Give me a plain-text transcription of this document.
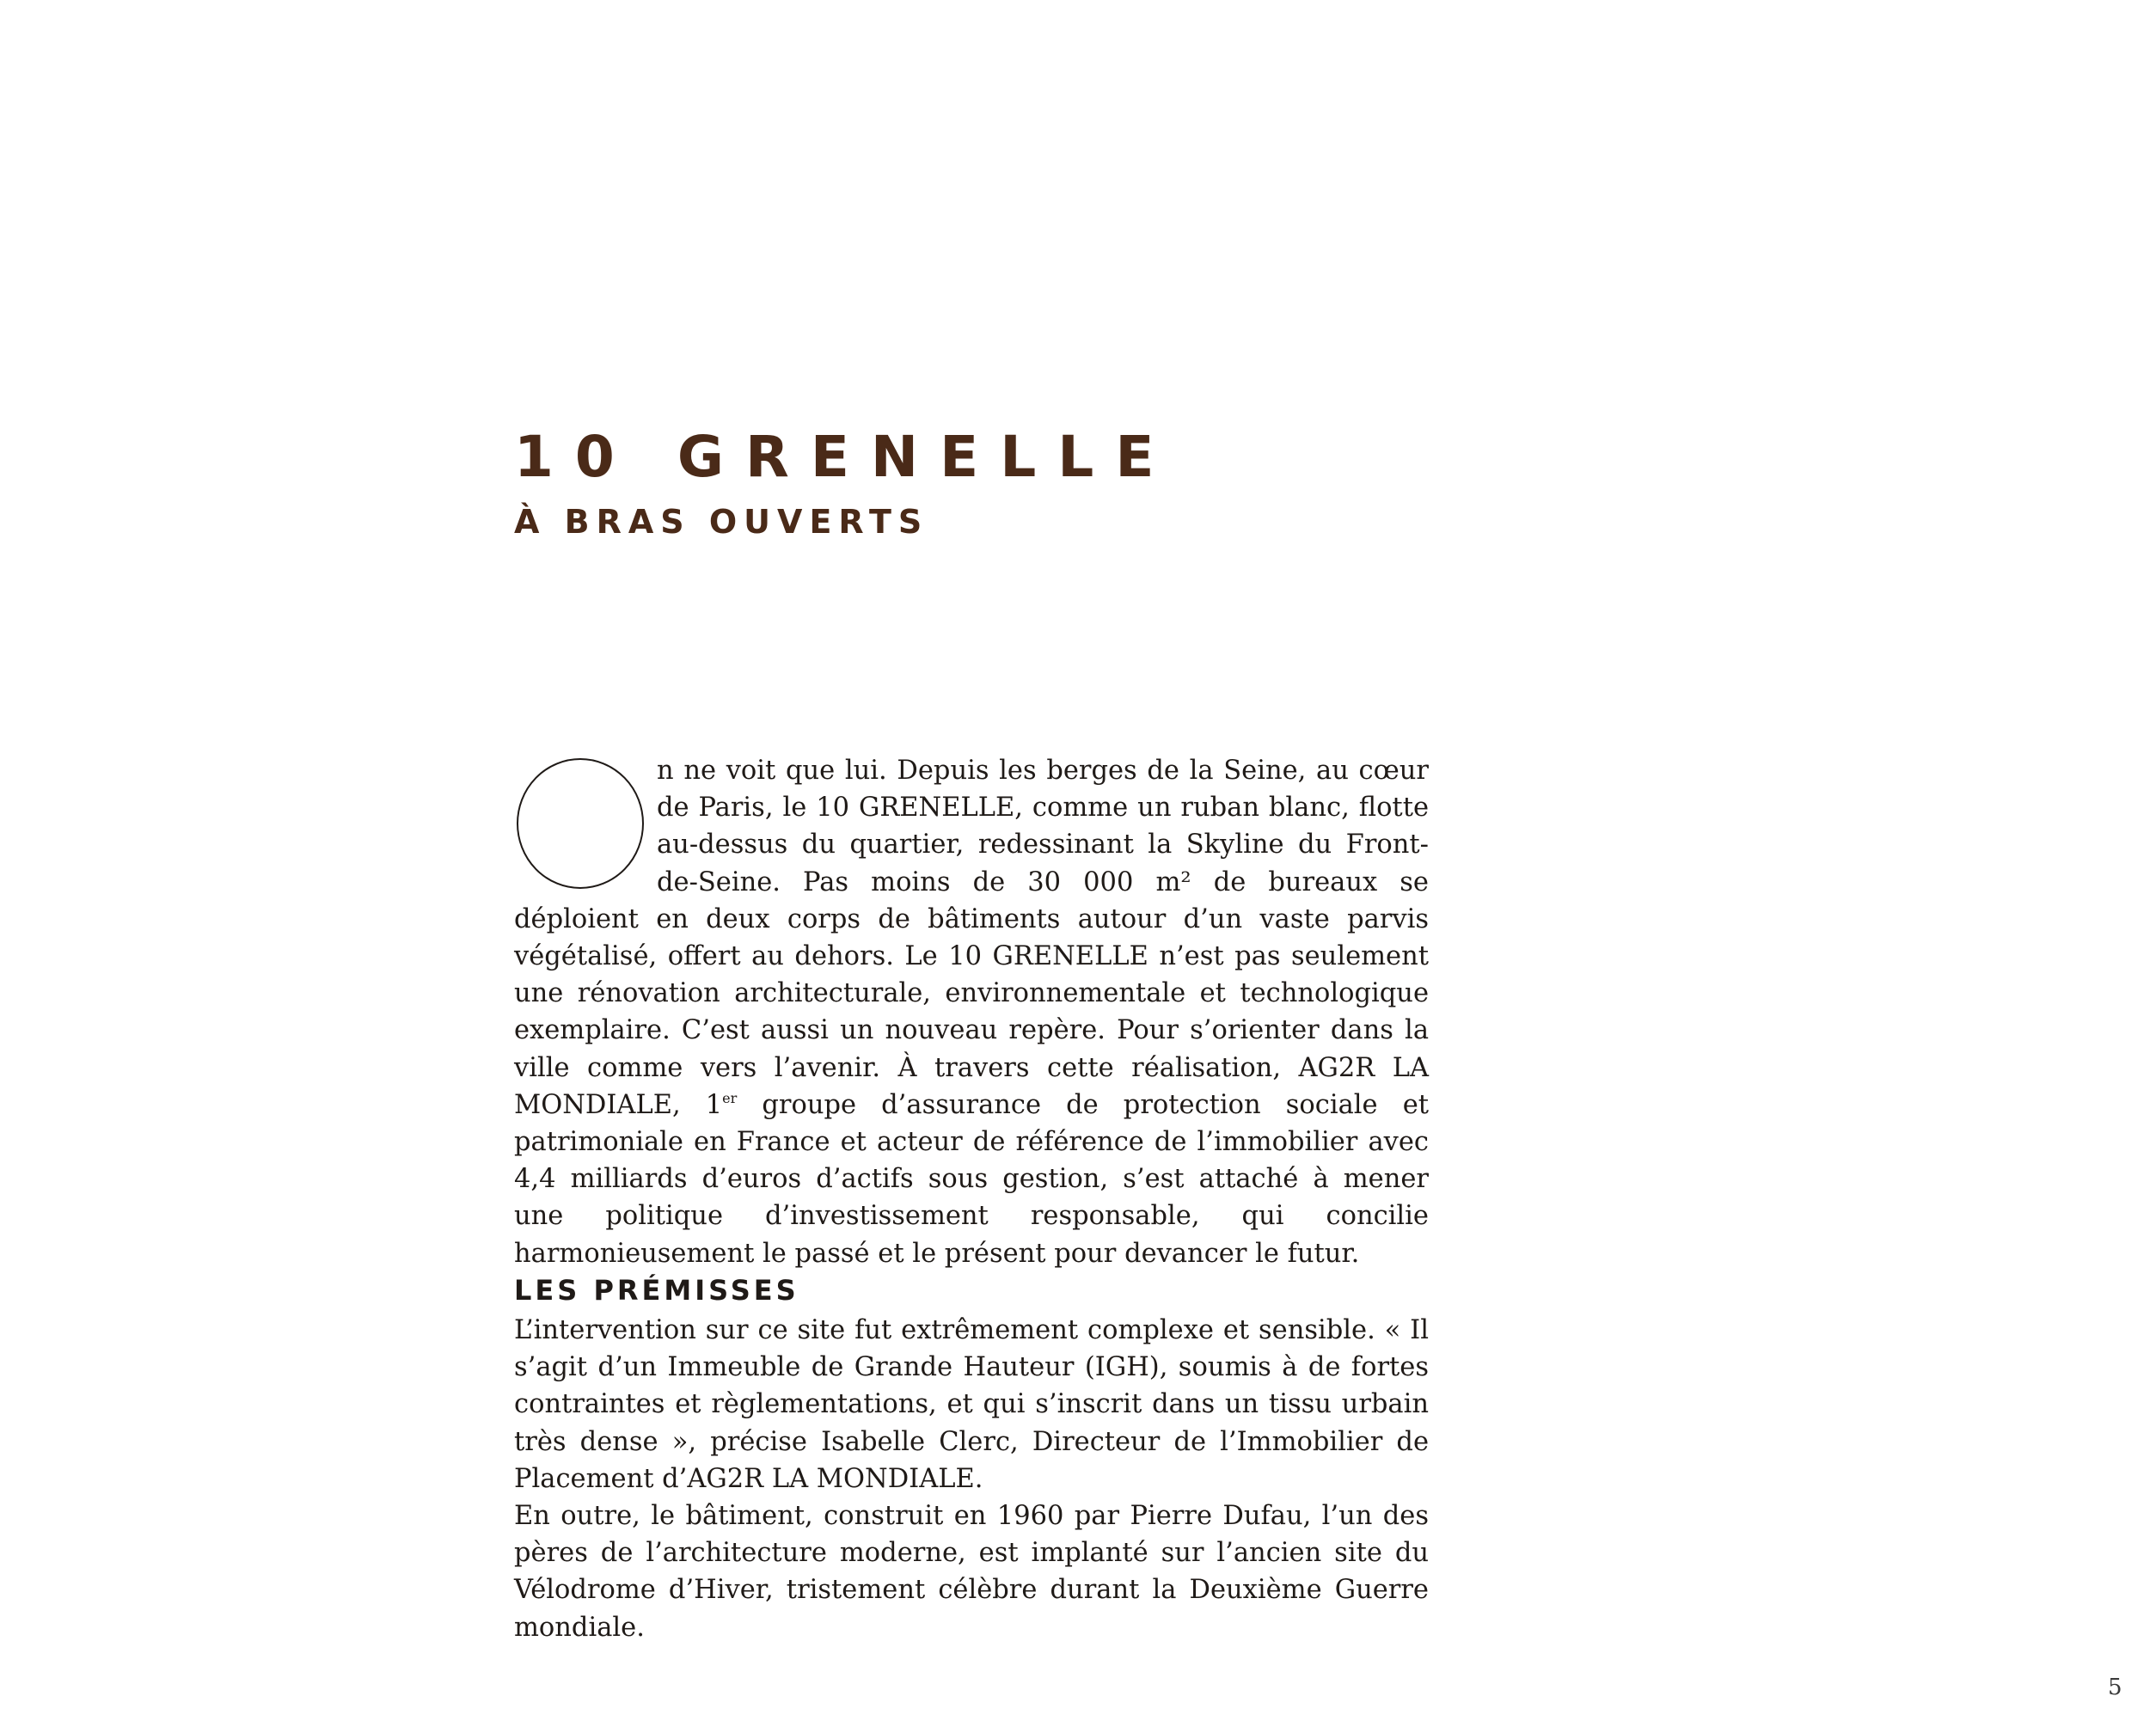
10 GRENELLE
À BRAS OUVERTS

n ne voit que lui. Depuis les berges de la Seine, au cœur de Paris, le 10 GRENELLE, comme un ruban blanc, flotte au-dessus du quartier, redessinant la Skyline du Front-de-Seine. Pas moins de 30 000 m² de bureaux se déploient en deux corps de bâtiments autour d’un vaste parvis végétalisé, offert au dehors. Le 10 GRENELLE n’est pas seulement une rénovation architecturale, environnementale et technologique exemplaire. C’est aussi un nouveau repère. Pour s’orienter dans la ville comme vers l’avenir. À travers cette réalisation, AG2R LA MONDIALE, 1er groupe d’assurance de protection sociale et patrimoniale en France et acteur de référence de l’immobilier avec 4,4 milliards d’euros d’actifs sous gestion, s’est attaché à mener une politique d’investissement responsable, qui concilie harmonieusement le passé et le présent pour devancer le futur.

LES PRÉMISSES

L’intervention sur ce site fut extrêmement complexe et sensible. « Il s’agit d’un Immeuble de Grande Hauteur (IGH), soumis à de fortes contraintes et règlementations, et qui s’inscrit dans un tissu urbain très dense », précise Isabelle Clerc, Directeur de l’Immobilier de Placement d’AG2R LA MONDIALE.

En outre, le bâtiment, construit en 1960 par Pierre Dufau, l’un des pères de l’architecture moderne, est implanté sur l’ancien site du Vélodrome d’Hiver, tristement célèbre durant la Deuxième Guerre mondiale.

5
